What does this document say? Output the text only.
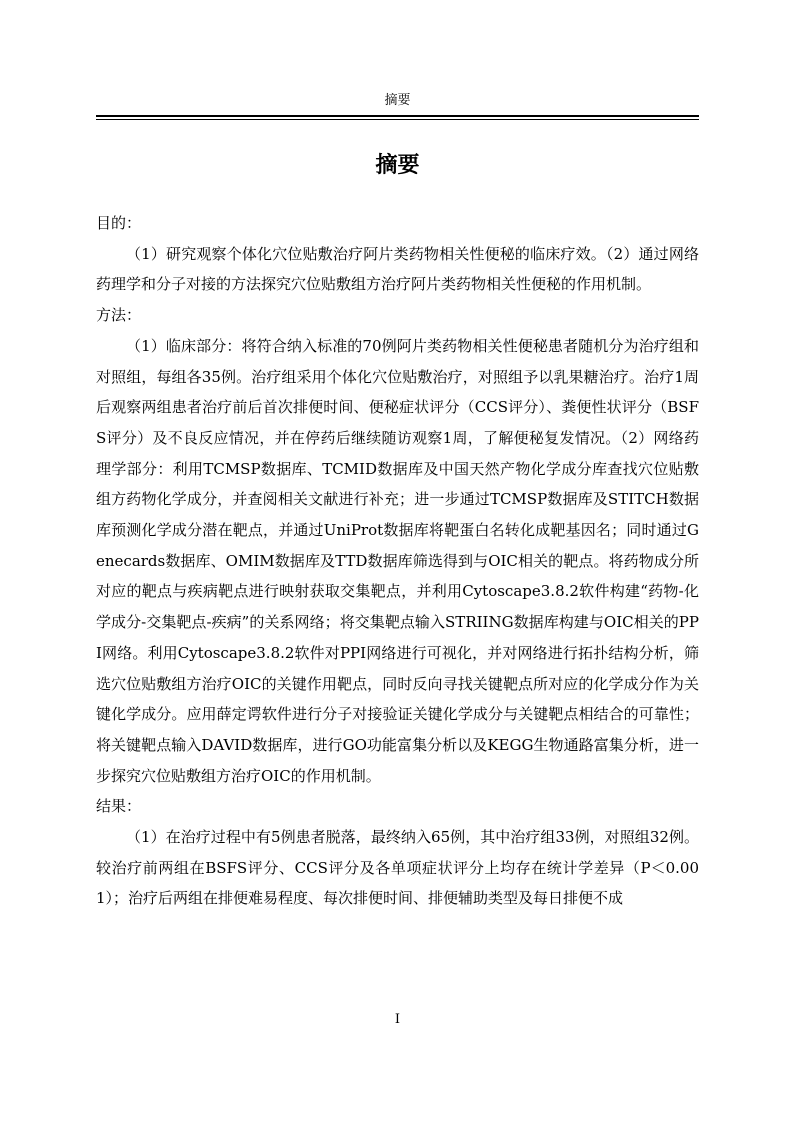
摘要
摘要

目的：

（1）研究观察个体化穴位贴敷治疗阿片类药物相关性便秘的临床疗效。（2）通过网络药理学和分子对接的方法探究穴位贴敷组方治疗阿片类药物相关性便秘的作用机制。

方法：

（1）临床部分：将符合纳入标准的70例阿片类药物相关性便秘患者随机分为治疗组和对照组，每组各35例。治疗组采用个体化穴位贴敷治疗，对照组予以乳果糖治疗。治疗1周后观察两组患者治疗前后首次排便时间、便秘症状评分（CCS评分）、粪便性状评分（BSFS评分）及不良反应情况，并在停药后继续随访观察1周，了解便秘复发情况。（2）网络药理学部分：利用TCMSP数据库、TCMID数据库及中国天然产物化学成分库查找穴位贴敷组方药物化学成分，并查阅相关文献进行补充；进一步通过TCMSP数据库及STITCH数据库预测化学成分潜在靶点，并通过UniProt数据库将靶蛋白名转化成靶基因名；同时通过Genecards数据库、OMIM数据库及TTD数据库筛选得到与OIC相关的靶点。将药物成分所对应的靶点与疾病靶点进行映射获取交集靶点，并利用Cytoscape3.8.2软件构建“药物-化学成分-交集靶点-疾病”的关系网络；将交集靶点输入STRIING数据库构建与OIC相关的PPI网络。利用Cytoscape3.8.2软件对PPI网络进行可视化，并对网络进行拓扑结构分析，筛选穴位贴敷组方治疗OIC的关键作用靶点，同时反向寻找关键靶点所对应的化学成分作为关键化学成分。应用薛定谔软件进行分子对接验证关键化学成分与关键靶点相结合的可靠性；将关键靶点输入DAVID数据库，进行GO功能富集分析以及KEGG生物通路富集分析，进一步探究穴位贴敷组方治疗OIC的作用机制。

结果：

（1）在治疗过程中有5例患者脱落，最终纳入65例，其中治疗组33例，对照组32例。较治疗前两组在BSFS评分、CCS评分及各单项症状评分上均存在统计学差异（P＜0.001）；治疗后两组在排便难易程度、每次排便时间、排便辅助类型及每日排便不成

I
